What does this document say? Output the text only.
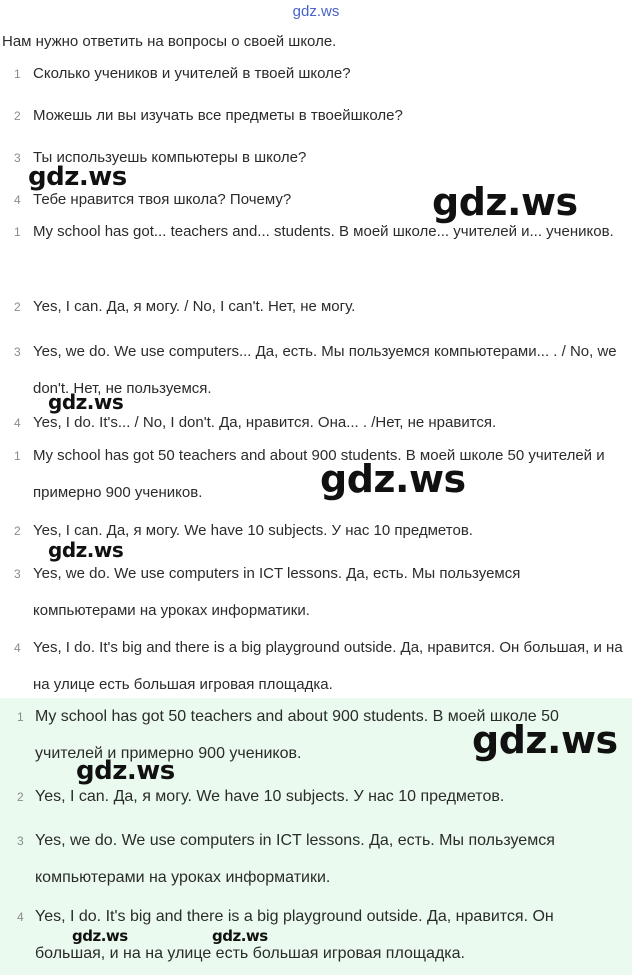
gdz.ws
Нам нужно ответить на вопросы о своей школе.
1 Сколько учеников и учителей в твоей школе?
2 Можешь ли вы изучать все предметы в твоейшколе?
3 Ты используешь компьютеры в школе?
4 Тебе нравится твоя школа? Почему?
1 My school has got... teachers and... students. В моей школе... учителей и... учеников.
2 Yes, I can. Да, я могу. / No, I can't. Нет, не могу.
3 Yes, we do. We use computers... Да, есть. Мы пользуемся компьютерами... . / No, we don't. Нет, не пользуемся.
4 Yes, I do. It's... / No, I don't. Да, нравится. Она... . /Нет, не нравится.
1 My school has got 50 teachers and about 900 students. В моей школе 50 учителей и примерно 900 учеников.
2 Yes, I can. Да, я могу. We have 10 subjects. У нас 10 предметов.
3 Yes, we do. We use computers in ICT lessons. Да, есть. Мы пользуемся компьютерами на уроках информатики.
4 Yes, I do. It's big and there is a big playground outside. Да, нравится. Он большая, и на на улице есть большая игровая площадка.
1 My school has got 50 teachers and about 900 students. В моей школе 50 учителей и примерно 900 учеников.
2 Yes, I can. Да, я могу. We have 10 subjects. У нас 10 предметов.
3 Yes, we do. We use computers in ICT lessons. Да, есть. Мы пользуемся компьютерами на уроках информатики.
4 Yes, I do. It's big and there is a big playground outside. Да, нравится. Он большая, и на на улице есть большая игровая площадка.
gdz.ws
gdz.ws
gdz.ws
gdz.ws
gdz.ws
gdz.ws
gdz.ws
gdz.ws	gdz.ws
